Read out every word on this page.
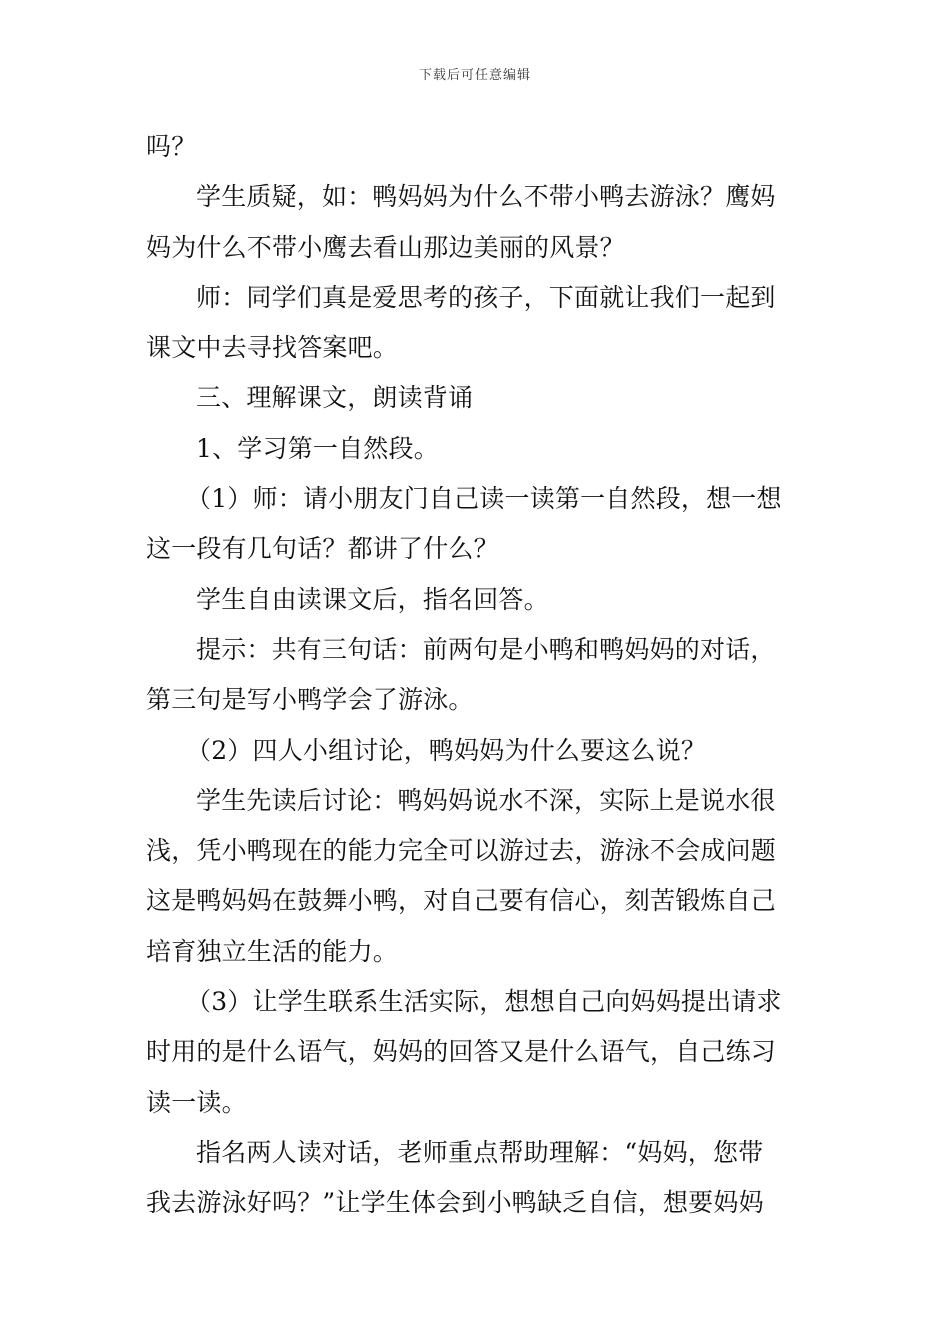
下载后可任意编辑
吗？
学生质疑，如：鸭妈妈为什么不带小鸭去游泳？鹰妈
妈为什么不带小鹰去看山那边美丽的风景？
师：同学们真是爱思考的孩子，下面就让我们一起到
课文中去寻找答案吧。
三、理解课文，朗读背诵
1、学习第一自然段。
（1）师：请小朋友门自己读一读第一自然段，想一想
这一段有几句话？都讲了什么？
学生自由读课文后，指名回答。
提示：共有三句话：前两句是小鸭和鸭妈妈的对话，
第三句是写小鸭学会了游泳。
（2）四人小组讨论，鸭妈妈为什么要这么说？
学生先读后讨论：鸭妈妈说水不深，实际上是说水很
浅，凭小鸭现在的能力完全可以游过去，游泳不会成问题
这是鸭妈妈在鼓舞小鸭，对自己要有信心，刻苦锻炼自己
培育独立生活的能力。
（3）让学生联系生活实际，想想自己向妈妈提出请求
时用的是什么语气，妈妈的回答又是什么语气，自己练习
读一读。
指名两人读对话，老师重点帮助理解：“妈妈，您带
我去游泳好吗？”让学生体会到小鸭缺乏自信，想要妈妈
